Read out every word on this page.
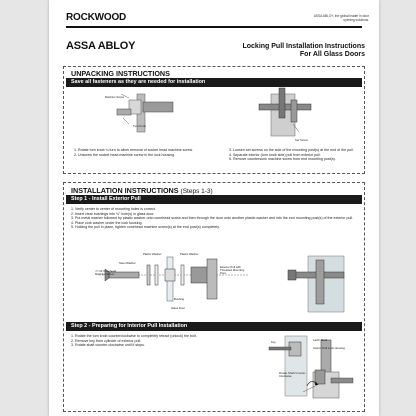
ROCKWOOD
ASSA ABLOY
ASSA ABLOY, the global leader in door opening solutions.
Locking Pull Installation Instructions
For All Glass Doors
UNPACKING INSTRUCTIONS
Save all fasteners as they are needed for installation
Machine Screw
Turn Knob
Set Screw

1. Rotate turn knob ¼ turn to allow removal of socket head machine screw.

2. Unscrew the socket head machine screw in the lock housing.

3. Loosen set screws on the side of the mounting post(s) at the end of the pull.

4. Separate interior (turn knob side) pull from exterior pull.

5. Remove countersunk machine screw from end mounting post(s).

INSTALLATION INSTRUCTIONS (Steps 1-3)
Step 1 - Install Exterior Pull

1. Verify center to center of mounting holes is correct.

2. Insert clear bushings into ¾" hole(s) in glass door.

3. Put metal washer followed by plastic washer onto conehead screw and then through the door onto another plastic washer and into the end mounting post(s) of the exterior pull.

4. Place cork washer under the lock housing.

5. Holding the pull in place, tighten conehead machine screw(s) at the end post(s) completely.

Plastic Washer	Plastic Washer
Steel Washer
⅞"-13 Conehead Machine Screw
Exterior Pull with Threaded Mounting Post
Bushing
Glass Door
Step 2 - Preparing for Interior Pull Installation

1. Rotate the turn knob counterclockwise to completely retract (unlock) the bolt.

2. Remove key from cylinder of exterior pull.

3. Rotate shaft counter-clockwise until it stops.

Key	Latch Shaft
Interior Pull Lock Housing
Rotate Shaft Counter-Clockwise
